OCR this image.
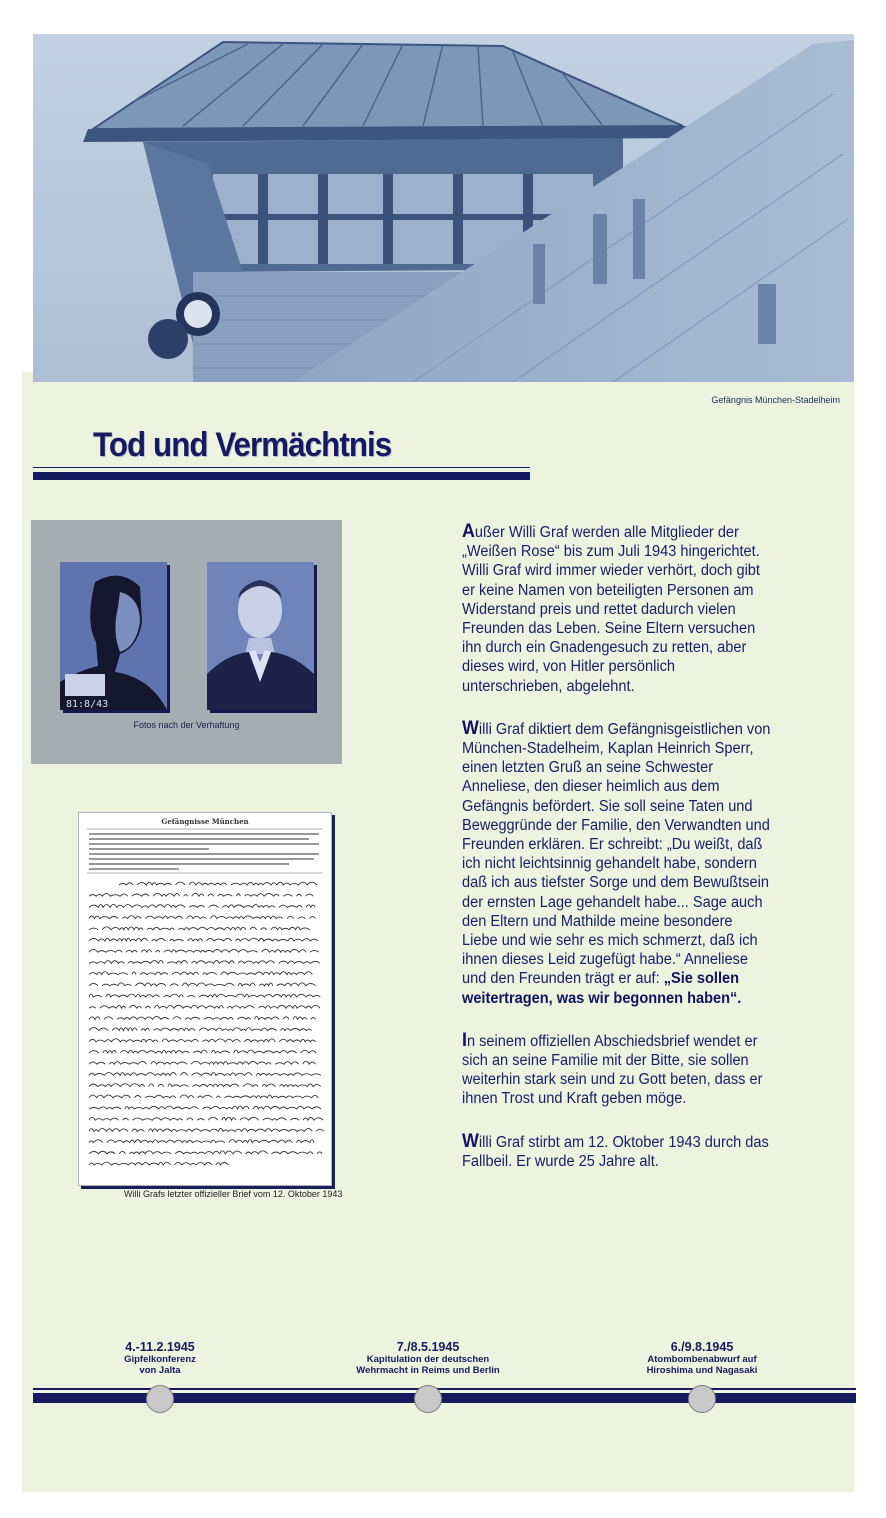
Gefängnis München-Stadelheim
Tod und Vermächtnis
81:8/43
Fotos nach der Verhaftung
Gefängnisse München
Willi Grafs letzter offizieller Brief vom 12. Oktober 1943

Außer Willi Graf werden alle Mitglieder der „Weißen Rose“ bis zum Juli 1943 hingerichtet. Willi Graf wird immer wieder verhört, doch gibt er keine Namen von beteiligten Personen am Widerstand preis und rettet dadurch vielen Freunden das Leben. Seine Eltern versuchen ihn durch ein Gnadengesuch zu retten, aber dieses wird, von Hitler persönlich unterschrieben, abgelehnt.

Willi Graf diktiert dem Gefängnisgeistlichen von München-Stadelheim, Kaplan Heinrich Sperr, einen letzten Gruß an seine Schwester Anneliese, den dieser heimlich aus dem Gefängnis befördert. Sie soll seine Taten und Beweggründe der Familie, den Verwandten und Freunden erklären. Er schreibt: „Du weißt, daß ich nicht leichtsinnig gehandelt habe, sondern daß ich aus tiefster Sorge und dem Bewußtsein der ernsten Lage gehandelt habe... Sage auch den Eltern und Mathilde meine besondere Liebe und wie sehr es mich schmerzt, daß ich ihnen dieses Leid zugefügt habe.“ Anneliese und den Freunden trägt er auf: „Sie sollen weitertragen, was wir begonnen haben“.

In seinem offiziellen Abschiedsbrief wendet er sich an seine Familie mit der Bitte, sie sollen weiterhin stark sein und zu Gott beten, dass er ihnen Trost und Kraft geben möge.

Willi Graf stirbt am 12. Oktober 1943 durch das Fallbeil. Er wurde 25 Jahre alt.

4.-11.2.1945
Gipfelkonferenz
von Jalta
7./8.5.1945
Kapitulation der deutschen
Wehrmacht in Reims und Berlin
6./9.8.1945
Atombombenabwurf auf
Hiroshima und Nagasaki
